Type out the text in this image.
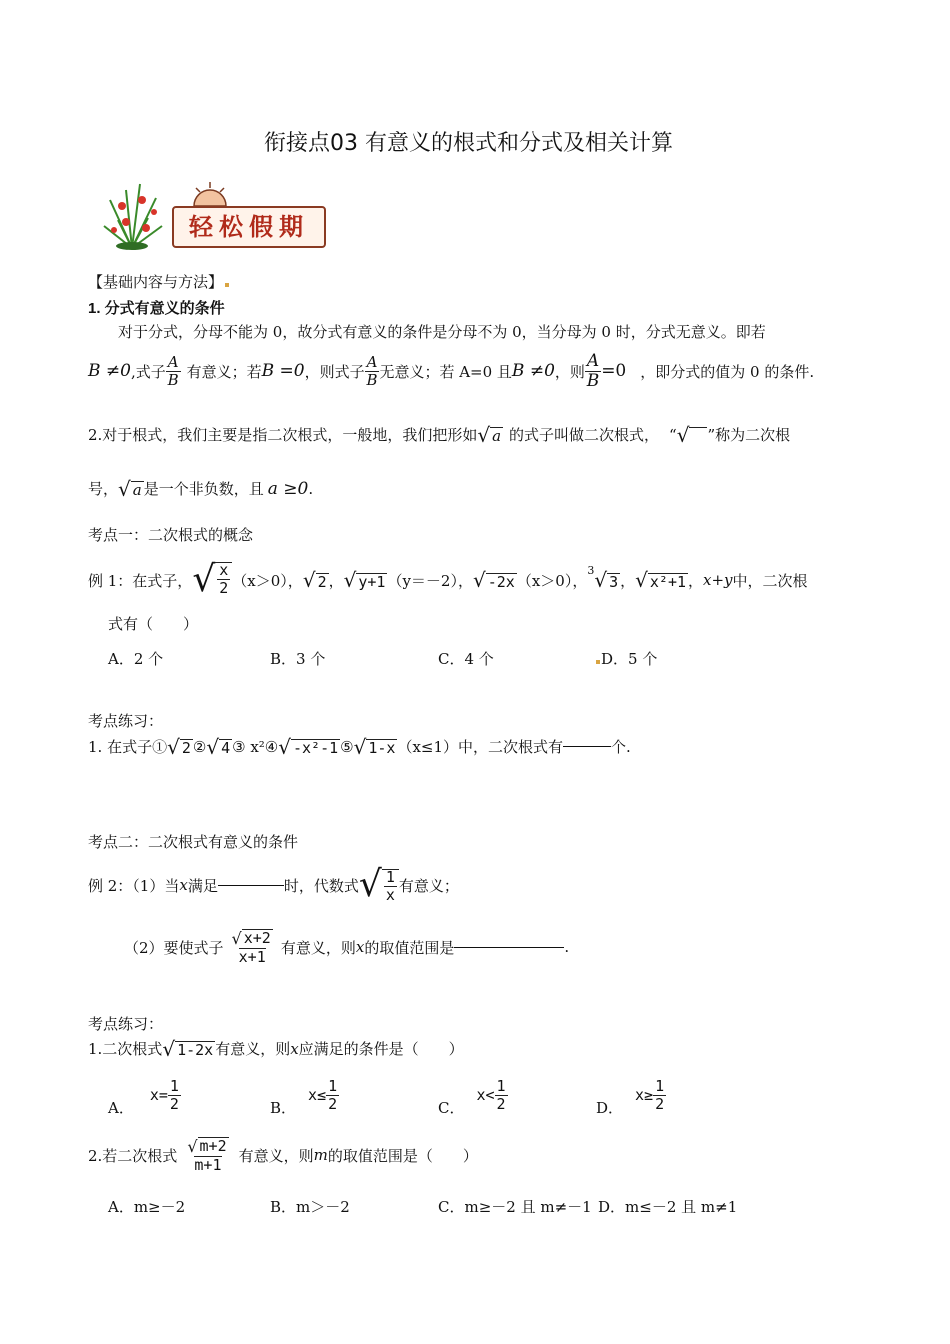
衔接点03 有意义的根式和分式及相关计算
轻松假期
【基础内容与方法】
1. 分式有意义的条件
对于分式，分母不能为 0，故分式有意义的条件是分母不为 0，当分母为 0 时，分式无意义。即若
B ≠0 ,式子 $\frac{A}{B}$ 有意义；若 B =0 ，则式子 $\frac{A}{B}$ 无意义；若 A=0 且 B ≠0 ，则 $\frac{A}{B} =0$ ，即分式的值为 0 的条件.
2.对于根式，我们主要是指二次根式，一般地，我们把形如 √ a 的式子叫做二次根式， “ √
”称为二次根
号， √ a 是一个非负数，且 a ≥0 .
考点一：二次根式的概念
例 1：在式子， √ $\frac{x}{2} (x>0)$， √ 2 ， √ y+1 （y＝－2）， √ -2x （x＞0），
3 √ 3 ， √ x²+1 ， x+y 中，二次根
式有（　　）
A．2 个	B．3 个	C．4 个	D．5 个
考点练习：
1. 在式子① √ 2 ② √ 4 ③ x²④ √ -x²-1 ⑤ √ 1-x （x≤1）中，二次根式有	个.
考点二：二次根式有意义的条件
例 2：（1）当 x 满足	时，代数式 √ $\frac{1}{x}$ 有意义；
（2）要使式子 $\frac{√ x+2}{x+1}$ 有意义，则 x 的取值范围是	.
考点练习：
1.二次根式 √ 1-2x 有意义，则 x 应满足的条件是（　　）
A．
$x= \frac{1}{2}$	B．
$x\le \frac{1}{2}$	C．
$x< \frac{1}{2}$	D．
$x\ge \frac{1}{2}$
2.若二次根式 $\frac{√ m+2}{m+1}$ 有意义，则 m 的取值范围是（　　）
A．m≥－2	B．m＞－2	C．m≥－2 且 m≠－1 D．m≤－2 且 m≠1
